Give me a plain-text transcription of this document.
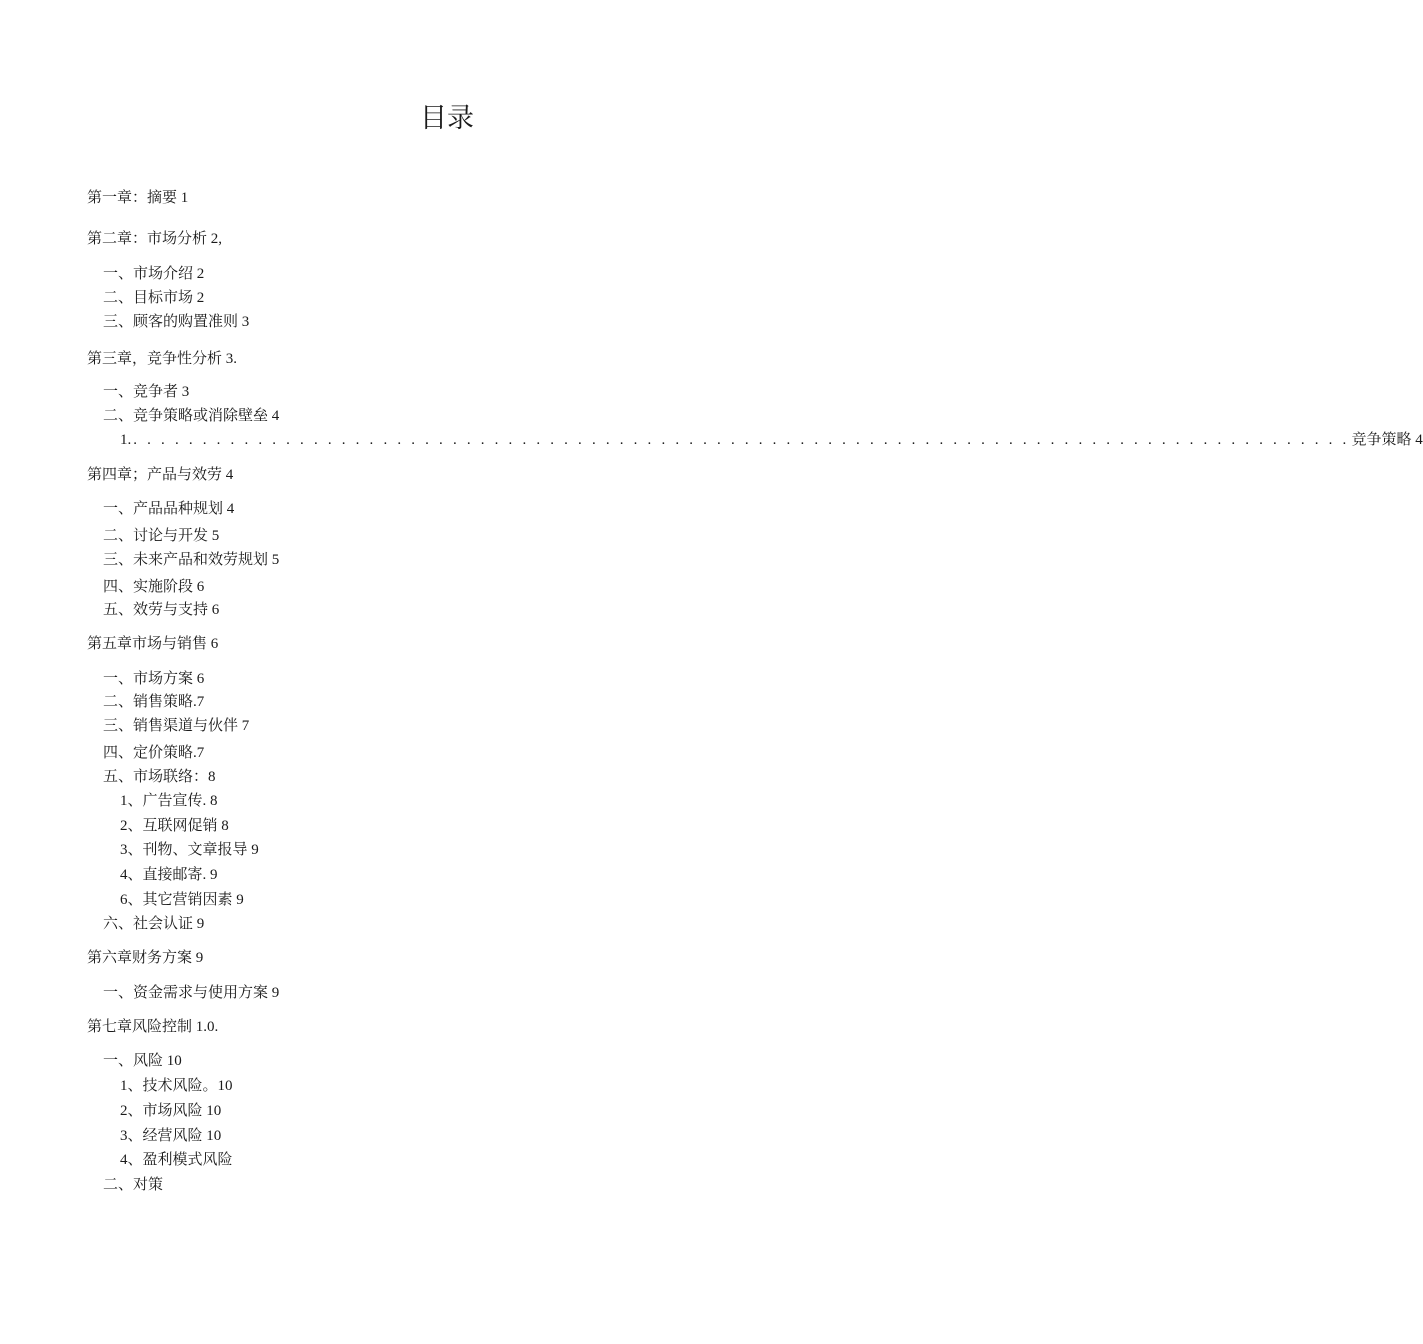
目录
第一章：摘要 1
第二章：市场分析 2,
一、市场介绍 2
二、目标市场 2
三、顾客的购置准则 3
第三章，竞争性分析 3.
一、竞争者 3
二、竞争策略或消除壁垒 4
1. . . . . . . . . . . . . . . . . . . . . . . . . . . . . . . . . . . . . . . . . . . . . . . . . . . . . . . . . . . . . . . . . . . . . . . . . . . . . . . . . . . . . . . . . 竞争策略 4
第四章；产品与效劳 4
一、产品品种规划 4
二、讨论与开发 5
三、未来产品和效劳规划 5
四、实施阶段 6
五、效劳与支持 6
第五章市场与销售 6
一、市场方案 6
二、销售策略.7
三、销售渠道与伙伴 7
四、定价策略.7
五、市场联络：8
1、广告宣传. 8
2、互联网促销 8
3、刊物、文章报导 9
4、直接邮寄. 9
6、其它营销因素 9
六、社会认证 9
第六章财务方案 9
一、资金需求与使用方案 9
第七章风险控制 1.0.
一、风险 10
1、技术风险。10
2、市场风险 10
3、经营风险 10
4、盈利模式风险
二、对策
